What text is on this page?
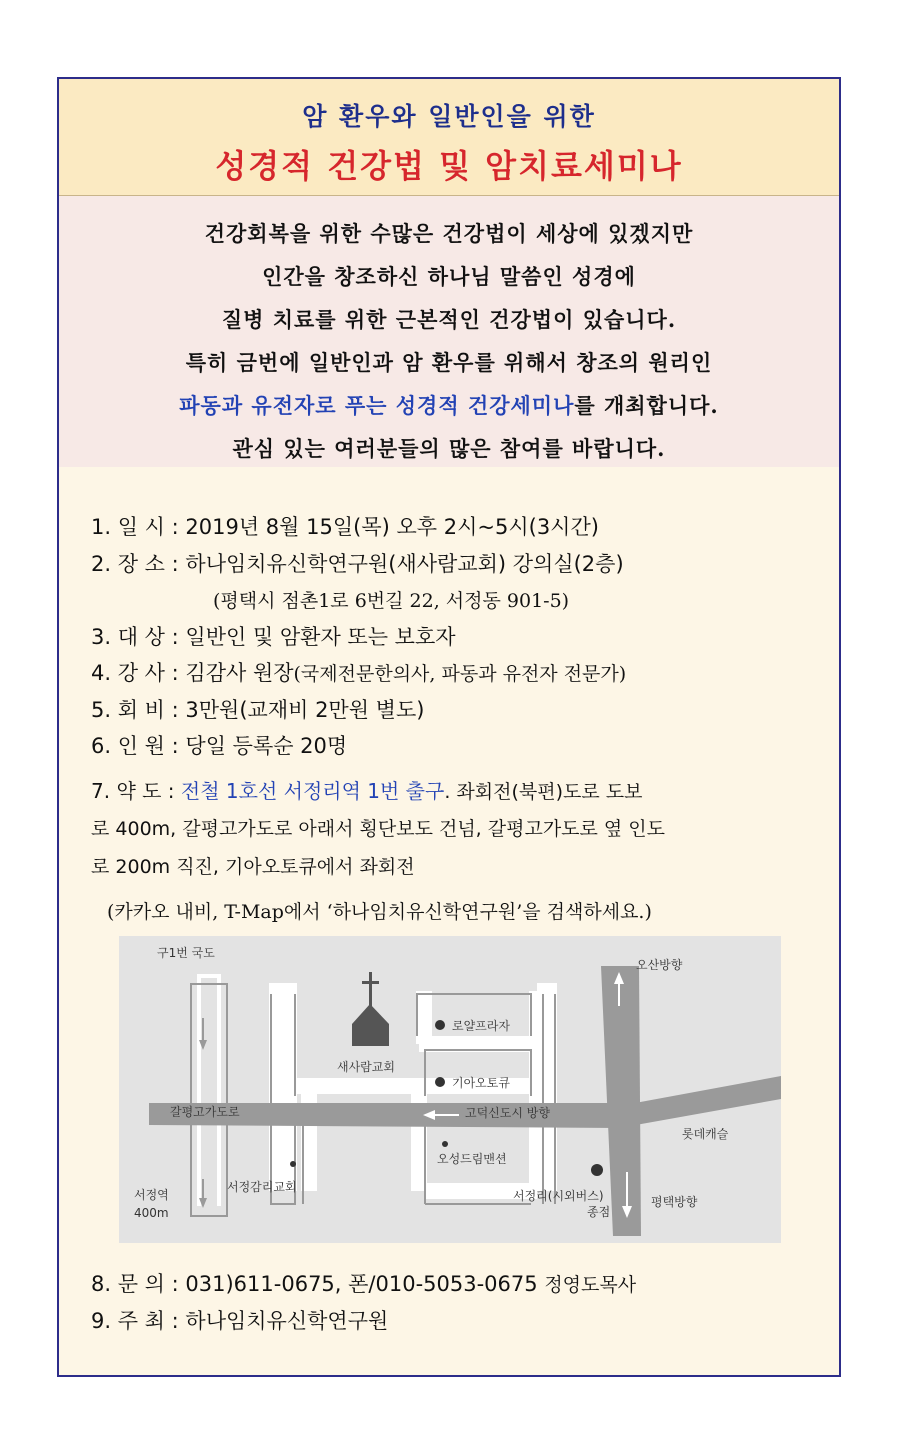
암 환우와 일반인을 위한
성경적 건강법 및 암치료세미나

건강회복을 위한 수많은 건강법이 세상에 있겠지만

인간을 창조하신 하나님 말씀인 성경에

질병 치료를 위한 근본적인 건강법이 있습니다.

특히 금번에 일반인과 암 환우를 위해서 창조의 원리인

파동과 유전자로 푸는 성경적 건강세미나를 개최합니다.

관심 있는 여러분들의 많은 참여를 바랍니다.

1. 일 시 : 2019년 8월 15일(목) 오후 2시~5시(3시간)
2. 장 소 : 하나임치유신학연구원(새사람교회) 강의실(2층)
(평택시 점촌1로 6번길 22, 서정동 901-5)
3. 대 상 : 일반인 및 암환자 또는 보호자
4. 강 사 : 김감사 원장(국제전문한의사, 파동과 유전자 전문가)
5. 회 비 : 3만원(교재비 2만원 별도)
6. 인 원 : 당일 등록순 20명
7. 약 도 : 전철 1호선 서정리역 1번 출구. 좌회전(북편)도로 도보
로 400m, 갈평고가도로 아래서 횡단보도 건넘, 갈평고가도로 옆 인도
로 200m 직진, 기아오토큐에서 좌회전
(카카오 내비, T-Map에서 ‘하나임치유신학연구원’을 검색하세요.)
구1번 국도
새사람교회
로얄프라자
기아오토큐
갈평고가도로	고덕신도시 방향
오산방향
롯데캐슬
오성드림맨션
서정감리교회
서정역
400m
서정리(시외버스)
종점
평택방향
8. 문 의 : 031)611-0675, 폰/010-5053-0675 정영도목사
9. 주 최 : 하나임치유신학연구원
